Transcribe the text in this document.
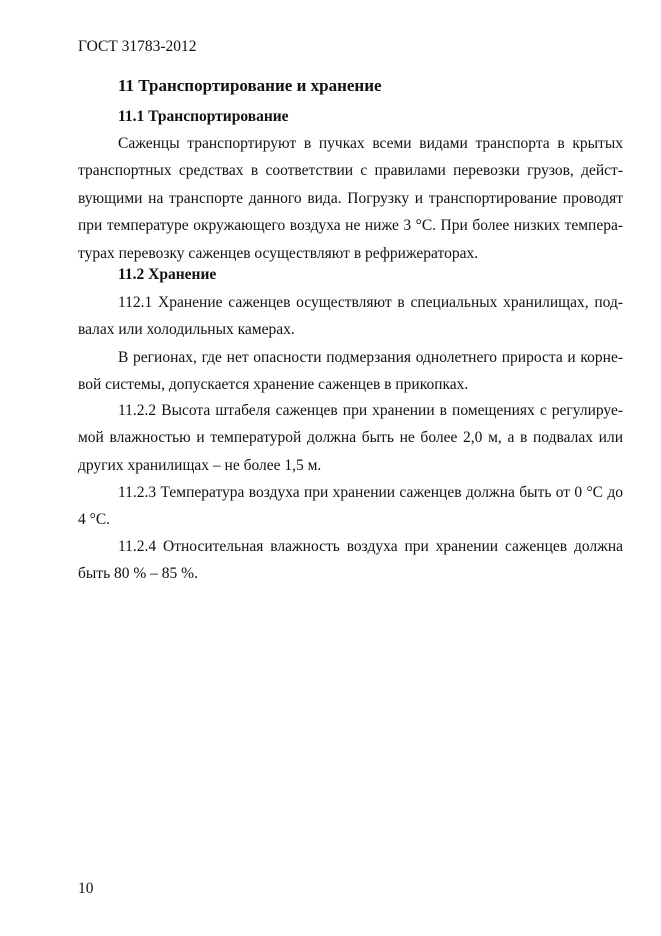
ГОСТ 31783-2012
11 Транспортирование и хранение
11.1 Транспортирование
Саженцы транспортируют в пучках всеми видами транспорта в крытых
транспортных средствах в соответствии с правилами перевозки грузов, дейст-
вующими на транспорте данного вида. Погрузку и транспортирование проводят
при температуре окружающего воздуха не ниже 3 °С. При более низких темпера-
турах перевозку саженцев осуществляют в рефрижераторах.
11.2 Хранение
112.1 Хранение саженцев осуществляют в специальных хранилищах, под-
валах или холодильных камерах.
В регионах, где нет опасности подмерзания однолетнего прироста и корне-
вой системы, допускается хранение саженцев в прикопках.
11.2.2 Высота штабеля саженцев при хранении в помещениях с регулируе-
мой влажностью и температурой должна быть не более 2,0 м, а в подвалах или
других хранилищах – не более 1,5 м.
11.2.3 Температура воздуха при хранении саженцев должна быть от 0 °С до
4 °С.
11.2.4 Относительная влажность воздуха при хранении саженцев должна
быть 80 % – 85 %.
10
